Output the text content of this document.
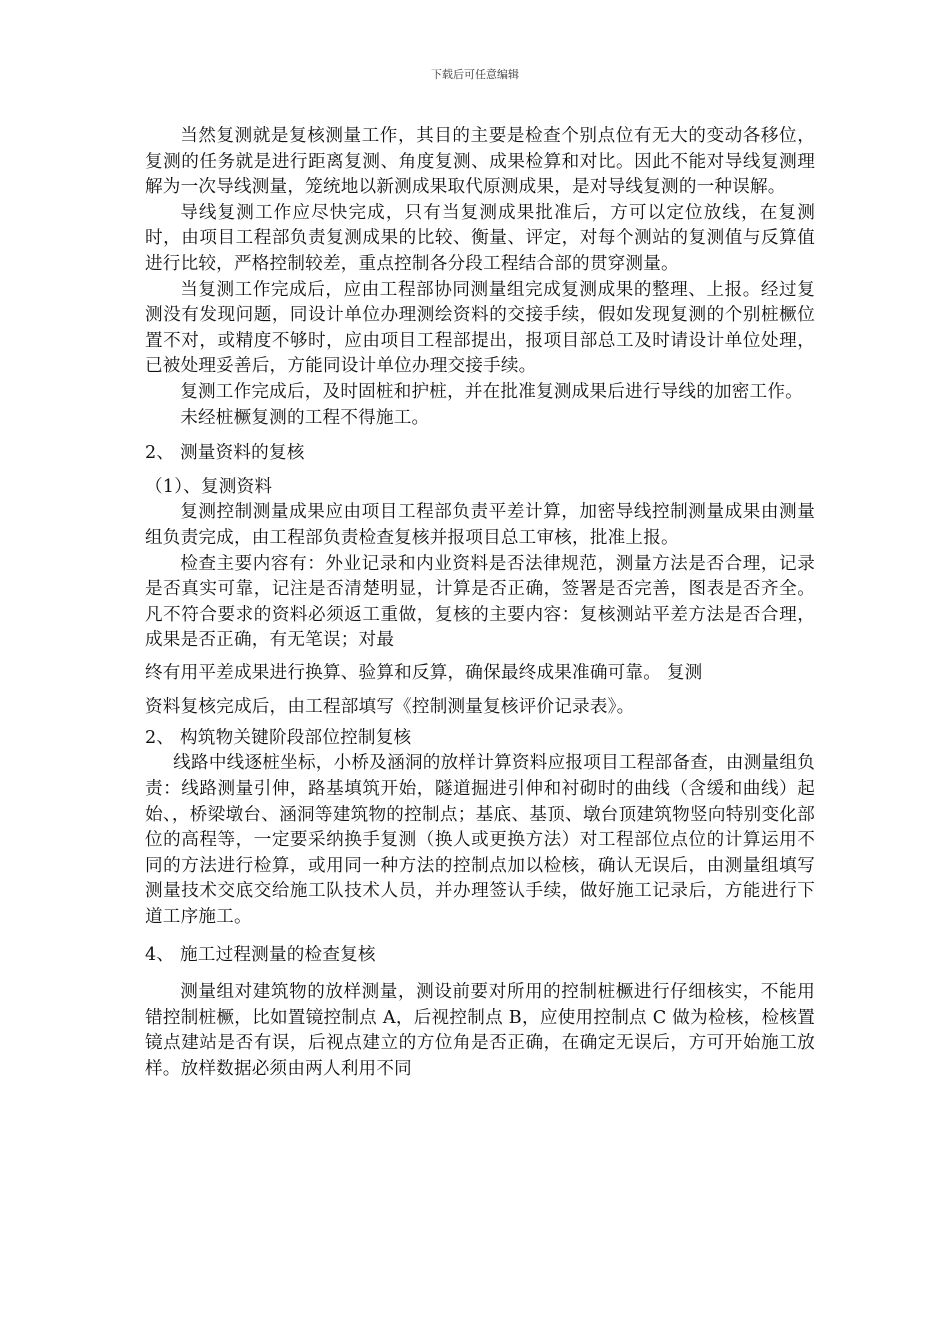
下载后可任意编辑

当然复测就是复核测量工作，其目的主要是检查个别点位有无大的变动各移位，复测的任务就是进行距离复测、角度复测、成果检算和对比。因此不能对导线复测理解为一次导线测量，笼统地以新测成果取代原测成果，是对导线复测的一种误解。

导线复测工作应尽快完成，只有当复测成果批准后，方可以定位放线，在复测时，由项目工程部负责复测成果的比较、衡量、评定，对每个测站的复测值与反算值进行比较，严格控制较差，重点控制各分段工程结合部的贯穿测量。

当复测工作完成后，应由工程部协同测量组完成复测成果的整理、上报。经过复测没有发现问题，同设计单位办理测绘资料的交接手续，假如发现复测的个别桩橛位置不对，或精度不够时，应由项目工程部提出，报项目部总工及时请设计单位处理，已被处理妥善后，方能同设计单位办理交接手续。

复测工作完成后，及时固桩和护桩，并在批准复测成果后进行导线的加密工作。

未经桩橛复测的工程不得施工。

2、 测量资料的复核

（1）、复测资料

复测控制测量成果应由项目工程部负责平差计算，加密导线控制测量成果由测量组负责完成，由工程部负责检查复核并报项目总工审核，批准上报。

检查主要内容有：外业记录和内业资料是否法律规范，测量方法是否合理，记录是否真实可靠，记注是否清楚明显，计算是否正确，签署是否完善，图表是否齐全。凡不符合要求的资料必须返工重做，复核的主要内容：复核测站平差方法是否合理，成果是否正确，有无笔误；对最

终有用平差成果进行换算、验算和反算，确保最终成果准确可靠。 复测

资料复核完成后，由工程部填写《控制测量复核评价记录表》。

2、 构筑物关键阶段部位控制复核

线路中线逐桩坐标，小桥及涵洞的放样计算资料应报项目工程部备查，由测量组负责：线路测量引伸，路基填筑开始，隧道掘进引伸和衬砌时的曲线（含缓和曲线）起始、，桥梁墩台、涵洞等建筑物的控制点；基底、基顶、墩台顶建筑物竖向特别变化部位的高程等，一定要采纳换手复测（换人或更换方法）对工程部位点位的计算运用不同的方法进行检算，或用同一种方法的控制点加以检核，确认无误后，由测量组填写测量技术交底交给施工队技术人员，并办理签认手续，做好施工记录后，方能进行下道工序施工。

4、 施工过程测量的检查复核

测量组对建筑物的放样测量，测设前要对所用的控制桩橛进行仔细核实，不能用错控制桩橛，比如置镜控制点 A，后视控制点 B，应使用控制点 C 做为检核，检核置镜点建站是否有误，后视点建立的方位角是否正确，在确定无误后，方可开始施工放样。放样数据必须由两人利用不同
